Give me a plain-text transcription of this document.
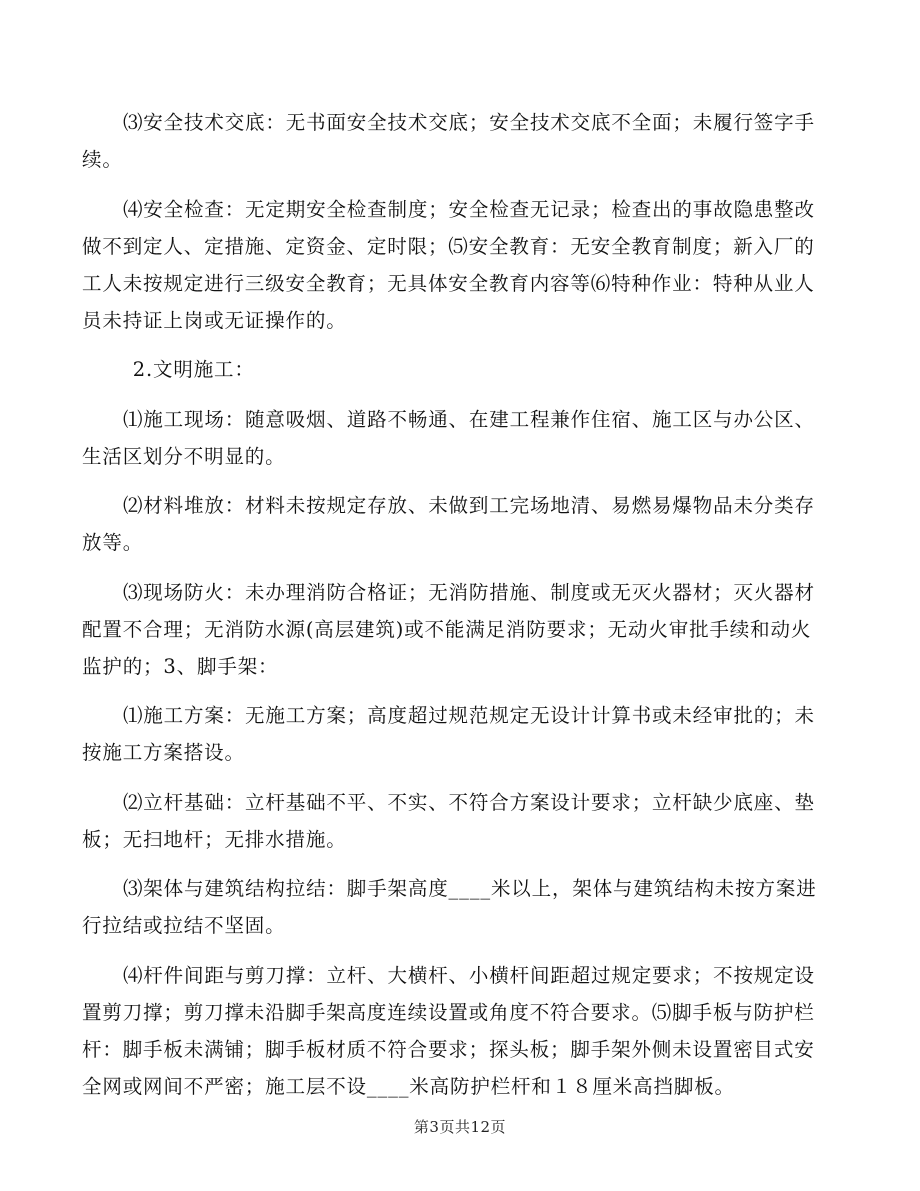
⑶安全技术交底：无书面安全技术交底；安全技术交底不全面；未履行签字手续。

⑷安全检查：无定期安全检查制度；安全检查无记录；检查出的事故隐患整改做不到定人、定措施、定资金、定时限；⑸安全教育：无安全教育制度；新入厂的工人未按规定进行三级安全教育；无具体安全教育内容等⑹特种作业：特种从业人员未持证上岗或无证操作的。

2.文明施工：

⑴施工现场：随意吸烟、道路不畅通、在建工程兼作住宿、施工区与办公区、生活区划分不明显的。

⑵材料堆放：材料未按规定存放、未做到工完场地清、易燃易爆物品未分类存放等。

⑶现场防火：未办理消防合格证；无消防措施、制度或无灭火器材；灭火器材配置不合理；无消防水源(高层建筑)或不能满足消防要求；无动火审批手续和动火监护的；3、脚手架：

⑴施工方案：无施工方案；高度超过规范规定无设计计算书或未经审批的；未按施工方案搭设。

⑵立杆基础：立杆基础不平、不实、不符合方案设计要求；立杆缺少底座、垫板；无扫地杆；无排水措施。

⑶架体与建筑结构拉结：脚手架高度____米以上，架体与建筑结构未按方案进行拉结或拉结不坚固。

⑷杆件间距与剪刀撑：立杆、大横杆、小横杆间距超过规定要求；不按规定设置剪刀撑；剪刀撑未沿脚手架高度连续设置或角度不符合要求。⑸脚手板与防护栏杆：脚手板未满铺；脚手板材质不符合要求；探头板；脚手架外侧未设置密目式安全网或网间不严密；施工层不设____米高防护栏杆和１８厘米高挡脚板。

第3页共12页
